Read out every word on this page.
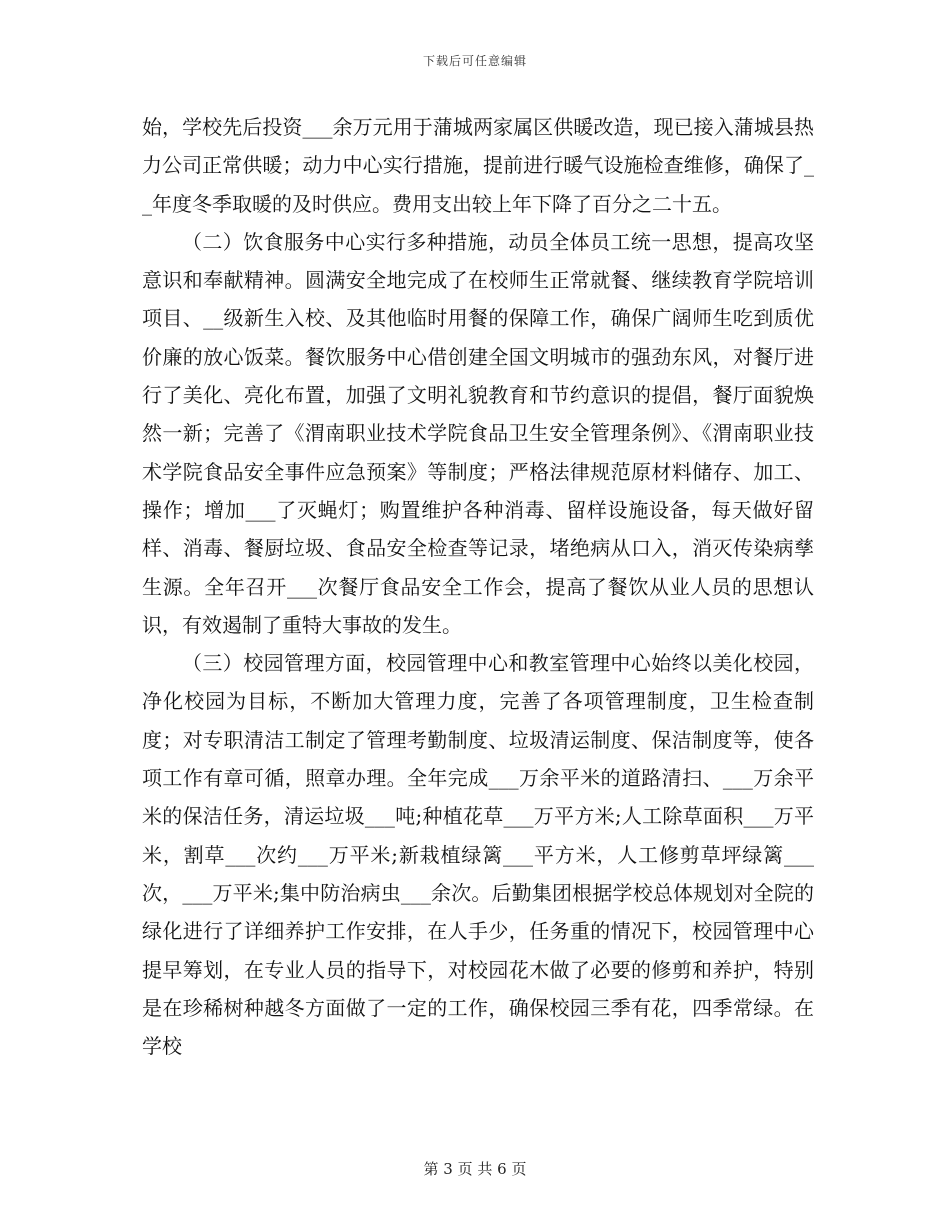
下载后可任意编辑

始，学校先后投资___余万元用于蒲城两家属区供暖改造，现已接入蒲城县热力公司正常供暖；动力中心实行措施，提前进行暖气设施检查维修，确保了__年度冬季取暖的及时供应。费用支出较上年下降了百分之二十五。

（二）饮食服务中心实行多种措施，动员全体员工统一思想，提高攻坚意识和奉献精神。圆满安全地完成了在校师生正常就餐、继续教育学院培训项目、__级新生入校、及其他临时用餐的保障工作，确保广阔师生吃到质优价廉的放心饭菜。餐饮服务中心借创建全国文明城市的强劲东风，对餐厅进行了美化、亮化布置，加强了文明礼貌教育和节约意识的提倡，餐厅面貌焕然一新；完善了《渭南职业技术学院食品卫生安全管理条例》、《渭南职业技术学院食品安全事件应急预案》等制度；严格法律规范原材料储存、加工、操作；增加___了灭蝇灯；购置维护各种消毒、留样设施设备，每天做好留样、消毒、餐厨垃圾、食品安全检查等记录，堵绝病从口入，消灭传染病孳生源。全年召开___次餐厅食品安全工作会，提高了餐饮从业人员的思想认识，有效遏制了重特大事故的发生。

（三）校园管理方面，校园管理中心和教室管理中心始终以美化校园，净化校园为目标，不断加大管理力度，完善了各项管理制度，卫生检查制度；对专职清洁工制定了管理考勤制度、垃圾清运制度、保洁制度等，使各项工作有章可循，照章办理。全年完成___万余平米的道路清扫、___万余平米的保洁任务，清运垃圾___吨;种植花草___万平方米;人工除草面积___万平米，割草___次约___万平米;新栽植绿篱___平方米，人工修剪草坪绿篱___次，___万平米;集中防治病虫___余次。后勤集团根据学校总体规划对全院的绿化进行了详细养护工作安排，在人手少，任务重的情况下，校园管理中心提早筹划，在专业人员的指导下，对校园花木做了必要的修剪和养护，特别是在珍稀树种越冬方面做了一定的工作，确保校园三季有花，四季常绿。在学校

第 3 页 共 6 页
